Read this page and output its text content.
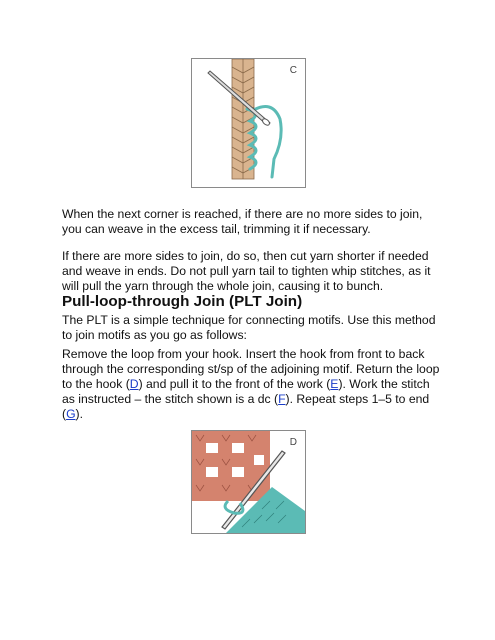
C

When the next corner is reached, if there are no more sides to join, you can weave in the excess tail, trimming it if necessary.

If there are more sides to join, do so, then cut yarn shorter if needed and weave in ends. Do not pull yarn tail to tighten whip stitches, as it will pull the yarn through the whole join, causing it to bunch.

Pull-loop-through Join (PLT Join)

The PLT is a simple technique for connecting motifs. Use this method to join motifs as you go as follows:

Remove the loop from your hook. Insert the hook from front to back through the corresponding st/sp of the adjoining motif. Return the loop to the hook (D) and pull it to the front of the work (E). Work the stitch as instructed – the stitch shown is a dc (F). Repeat steps 1–5 to end (G).

D
